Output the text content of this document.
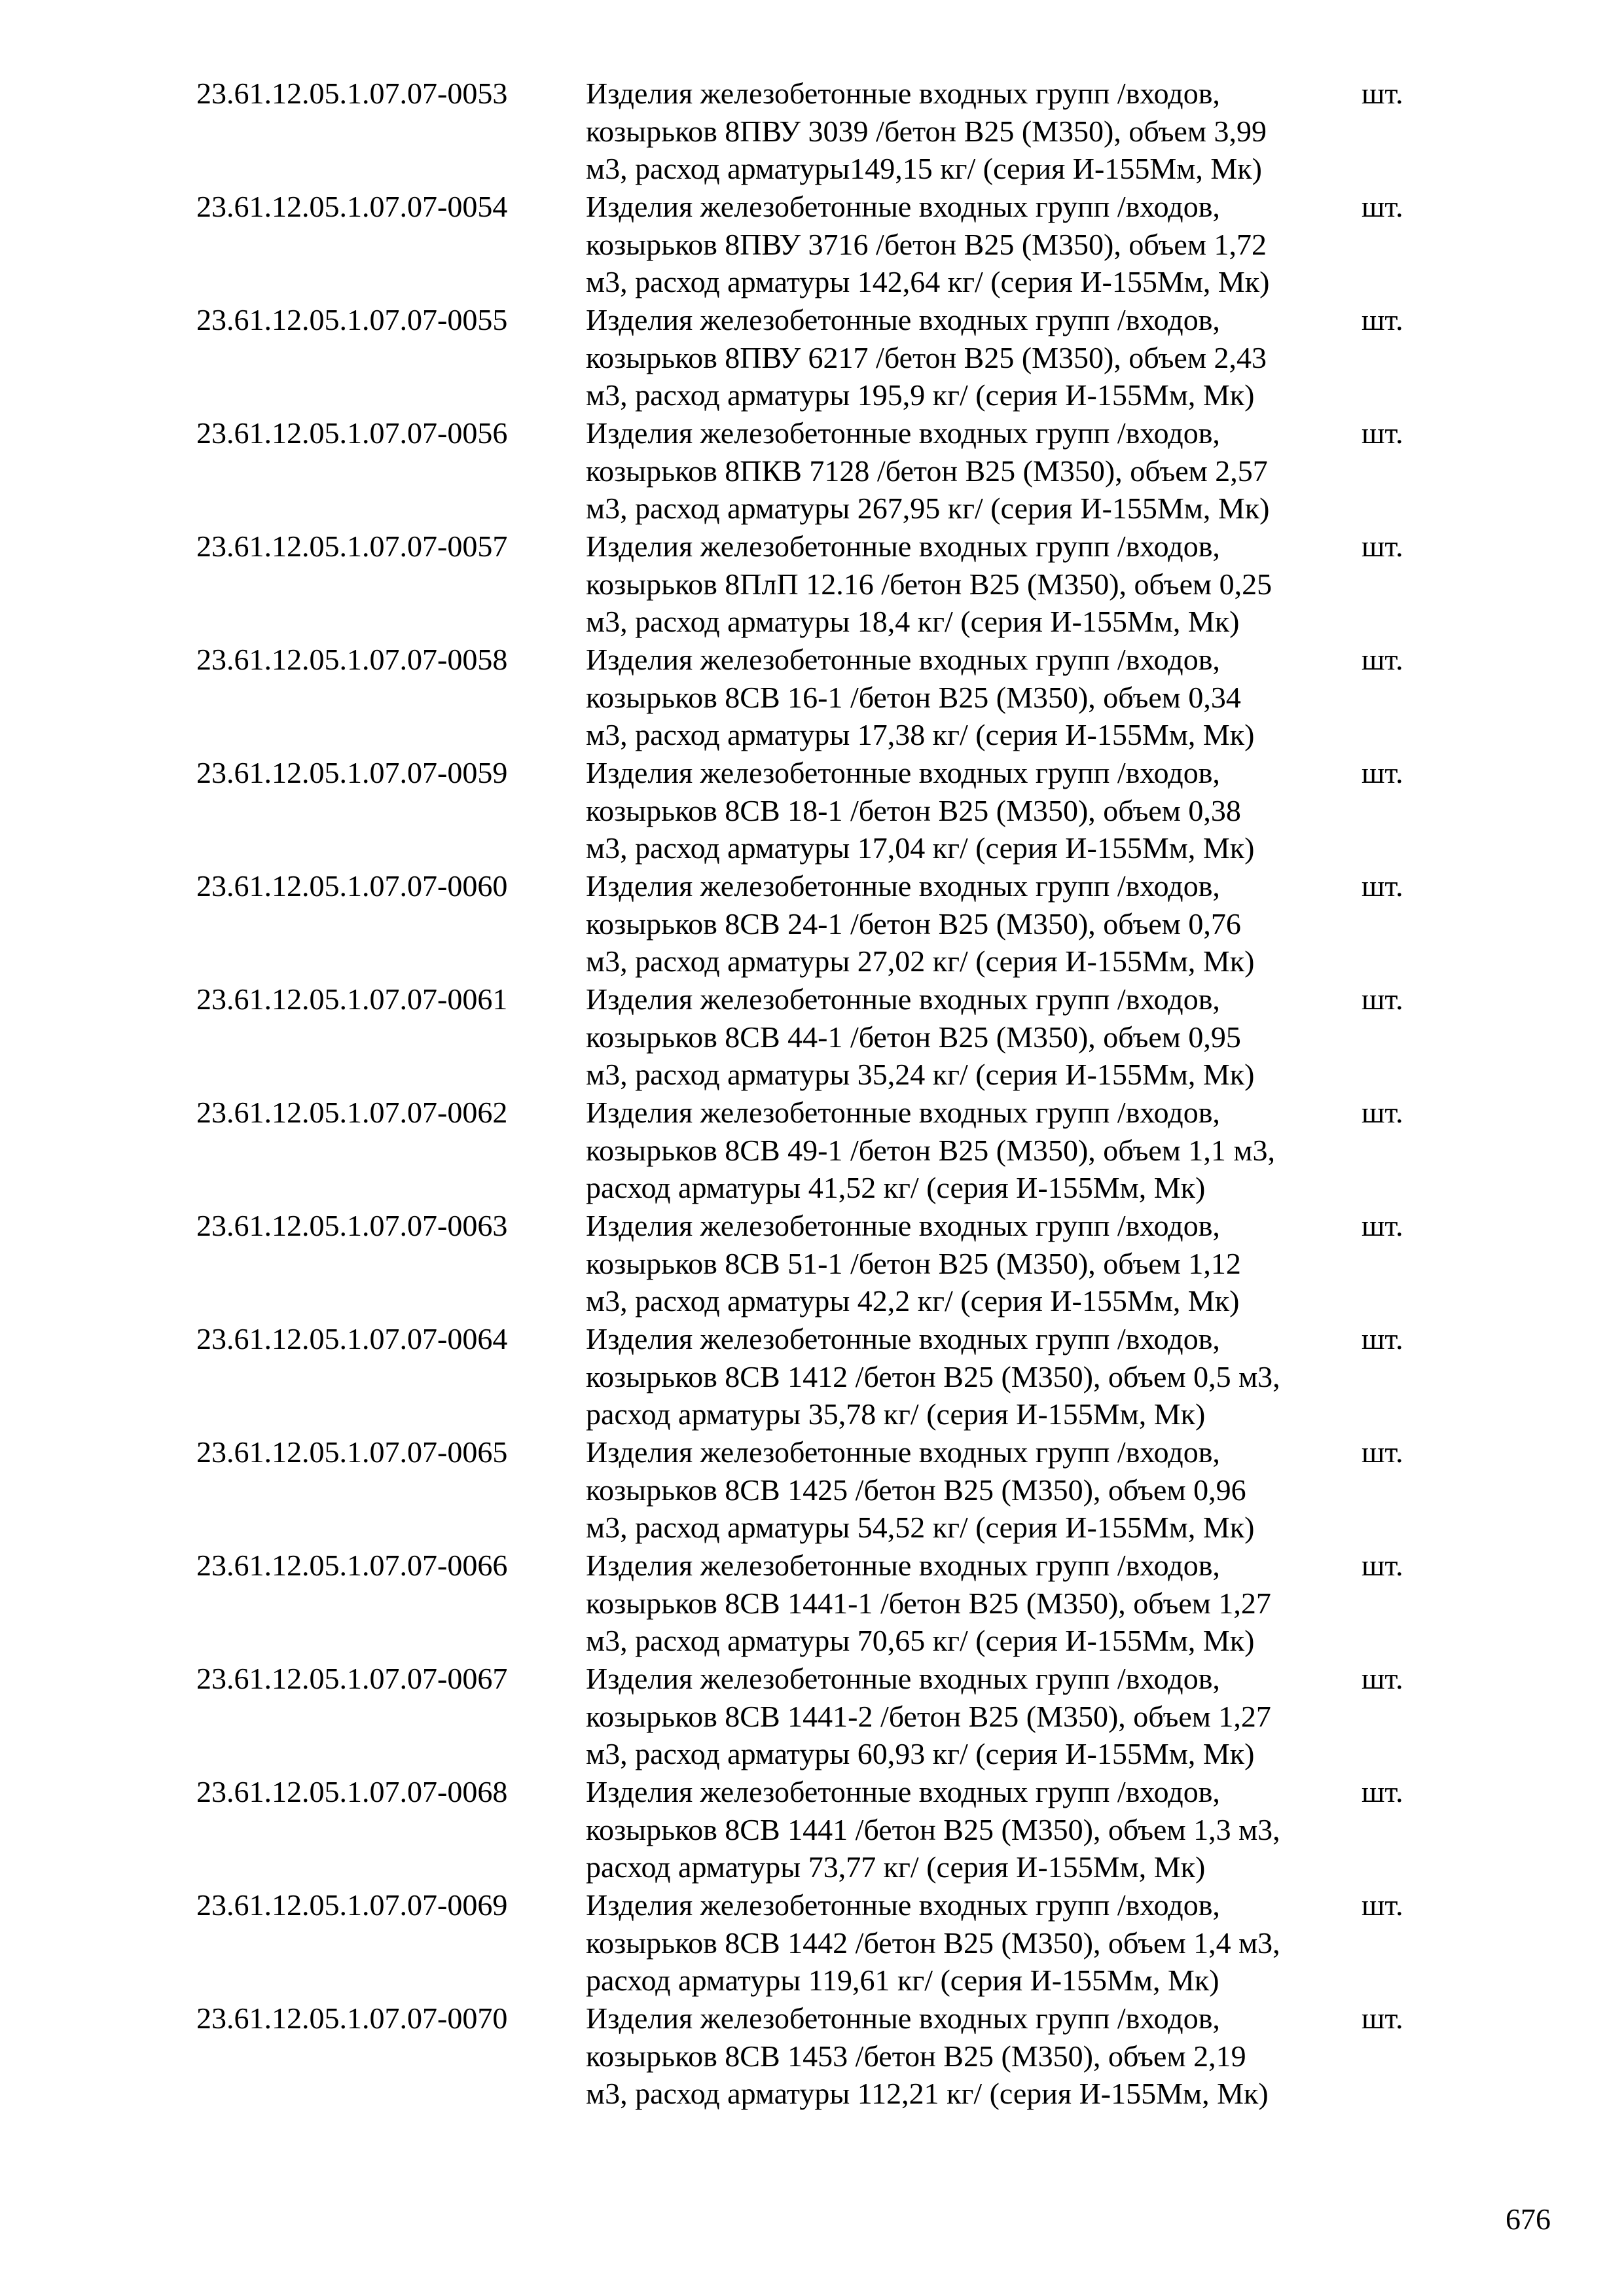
23.61.12.05.1.07.07-0053	Изделия железобетонные входных групп /входов,
козырьков 8ПВУ 3039 /бетон В25 (М350), объем 3,99
м3, расход арматуры149,15 кг/ (серия И-155Мм, Мк)
шт.
23.61.12.05.1.07.07-0054	Изделия железобетонные входных групп /входов,
козырьков 8ПВУ 3716 /бетон В25 (М350), объем 1,72
м3, расход арматуры 142,64 кг/ (серия И-155Мм, Мк)
шт.
23.61.12.05.1.07.07-0055	Изделия железобетонные входных групп /входов,
козырьков 8ПВУ 6217 /бетон В25 (М350), объем 2,43
м3, расход арматуры 195,9 кг/ (серия И-155Мм, Мк)
шт.
23.61.12.05.1.07.07-0056	Изделия железобетонные входных групп /входов,
козырьков 8ПКВ 7128 /бетон В25 (М350), объем 2,57
м3, расход арматуры 267,95 кг/ (серия И-155Мм, Мк)
шт.
23.61.12.05.1.07.07-0057	Изделия железобетонные входных групп /входов,
козырьков 8ПлП 12.16 /бетон В25 (М350), объем 0,25
м3, расход арматуры 18,4 кг/ (серия И-155Мм, Мк)
шт.
23.61.12.05.1.07.07-0058	Изделия железобетонные входных групп /входов,
козырьков 8СВ 16-1 /бетон В25 (М350), объем 0,34
м3, расход арматуры 17,38 кг/ (серия И-155Мм, Мк)
шт.
23.61.12.05.1.07.07-0059	Изделия железобетонные входных групп /входов,
козырьков 8СВ 18-1 /бетон В25 (М350), объем 0,38
м3, расход арматуры 17,04 кг/ (серия И-155Мм, Мк)
шт.
23.61.12.05.1.07.07-0060	Изделия железобетонные входных групп /входов,
козырьков 8СВ 24-1 /бетон В25 (М350), объем 0,76
м3, расход арматуры 27,02 кг/ (серия И-155Мм, Мк)
шт.
23.61.12.05.1.07.07-0061	Изделия железобетонные входных групп /входов,
козырьков 8СВ 44-1 /бетон В25 (М350), объем 0,95
м3, расход арматуры 35,24 кг/ (серия И-155Мм, Мк)
шт.
23.61.12.05.1.07.07-0062	Изделия железобетонные входных групп /входов,
козырьков 8СВ 49-1 /бетон В25 (М350), объем 1,1 м3,
расход арматуры 41,52 кг/ (серия И-155Мм, Мк)
шт.
23.61.12.05.1.07.07-0063	Изделия железобетонные входных групп /входов,
козырьков 8СВ 51-1 /бетон В25 (М350), объем 1,12
м3, расход арматуры 42,2 кг/ (серия И-155Мм, Мк)
шт.
23.61.12.05.1.07.07-0064	Изделия железобетонные входных групп /входов,
козырьков 8СВ 1412 /бетон В25 (М350), объем 0,5 м3,
расход арматуры 35,78 кг/ (серия И-155Мм, Мк)
шт.
23.61.12.05.1.07.07-0065	Изделия железобетонные входных групп /входов,
козырьков 8СВ 1425 /бетон В25 (М350), объем 0,96
м3, расход арматуры 54,52 кг/ (серия И-155Мм, Мк)
шт.
23.61.12.05.1.07.07-0066	Изделия железобетонные входных групп /входов,
козырьков 8СВ 1441-1 /бетон В25 (М350), объем 1,27
м3, расход арматуры 70,65 кг/ (серия И-155Мм, Мк)
шт.
23.61.12.05.1.07.07-0067	Изделия железобетонные входных групп /входов,
козырьков 8СВ 1441-2 /бетон В25 (М350), объем 1,27
м3, расход арматуры 60,93 кг/ (серия И-155Мм, Мк)
шт.
23.61.12.05.1.07.07-0068	Изделия железобетонные входных групп /входов,
козырьков 8СВ 1441 /бетон В25 (М350), объем 1,3 м3,
расход арматуры 73,77 кг/ (серия И-155Мм, Мк)
шт.
23.61.12.05.1.07.07-0069	Изделия железобетонные входных групп /входов,
козырьков 8СВ 1442 /бетон В25 (М350), объем 1,4 м3,
расход арматуры 119,61 кг/ (серия И-155Мм, Мк)
шт.
23.61.12.05.1.07.07-0070	Изделия железобетонные входных групп /входов,
козырьков 8СВ 1453 /бетон В25 (М350), объем 2,19
м3, расход арматуры 112,21 кг/ (серия И-155Мм, Мк)
шт.
676
